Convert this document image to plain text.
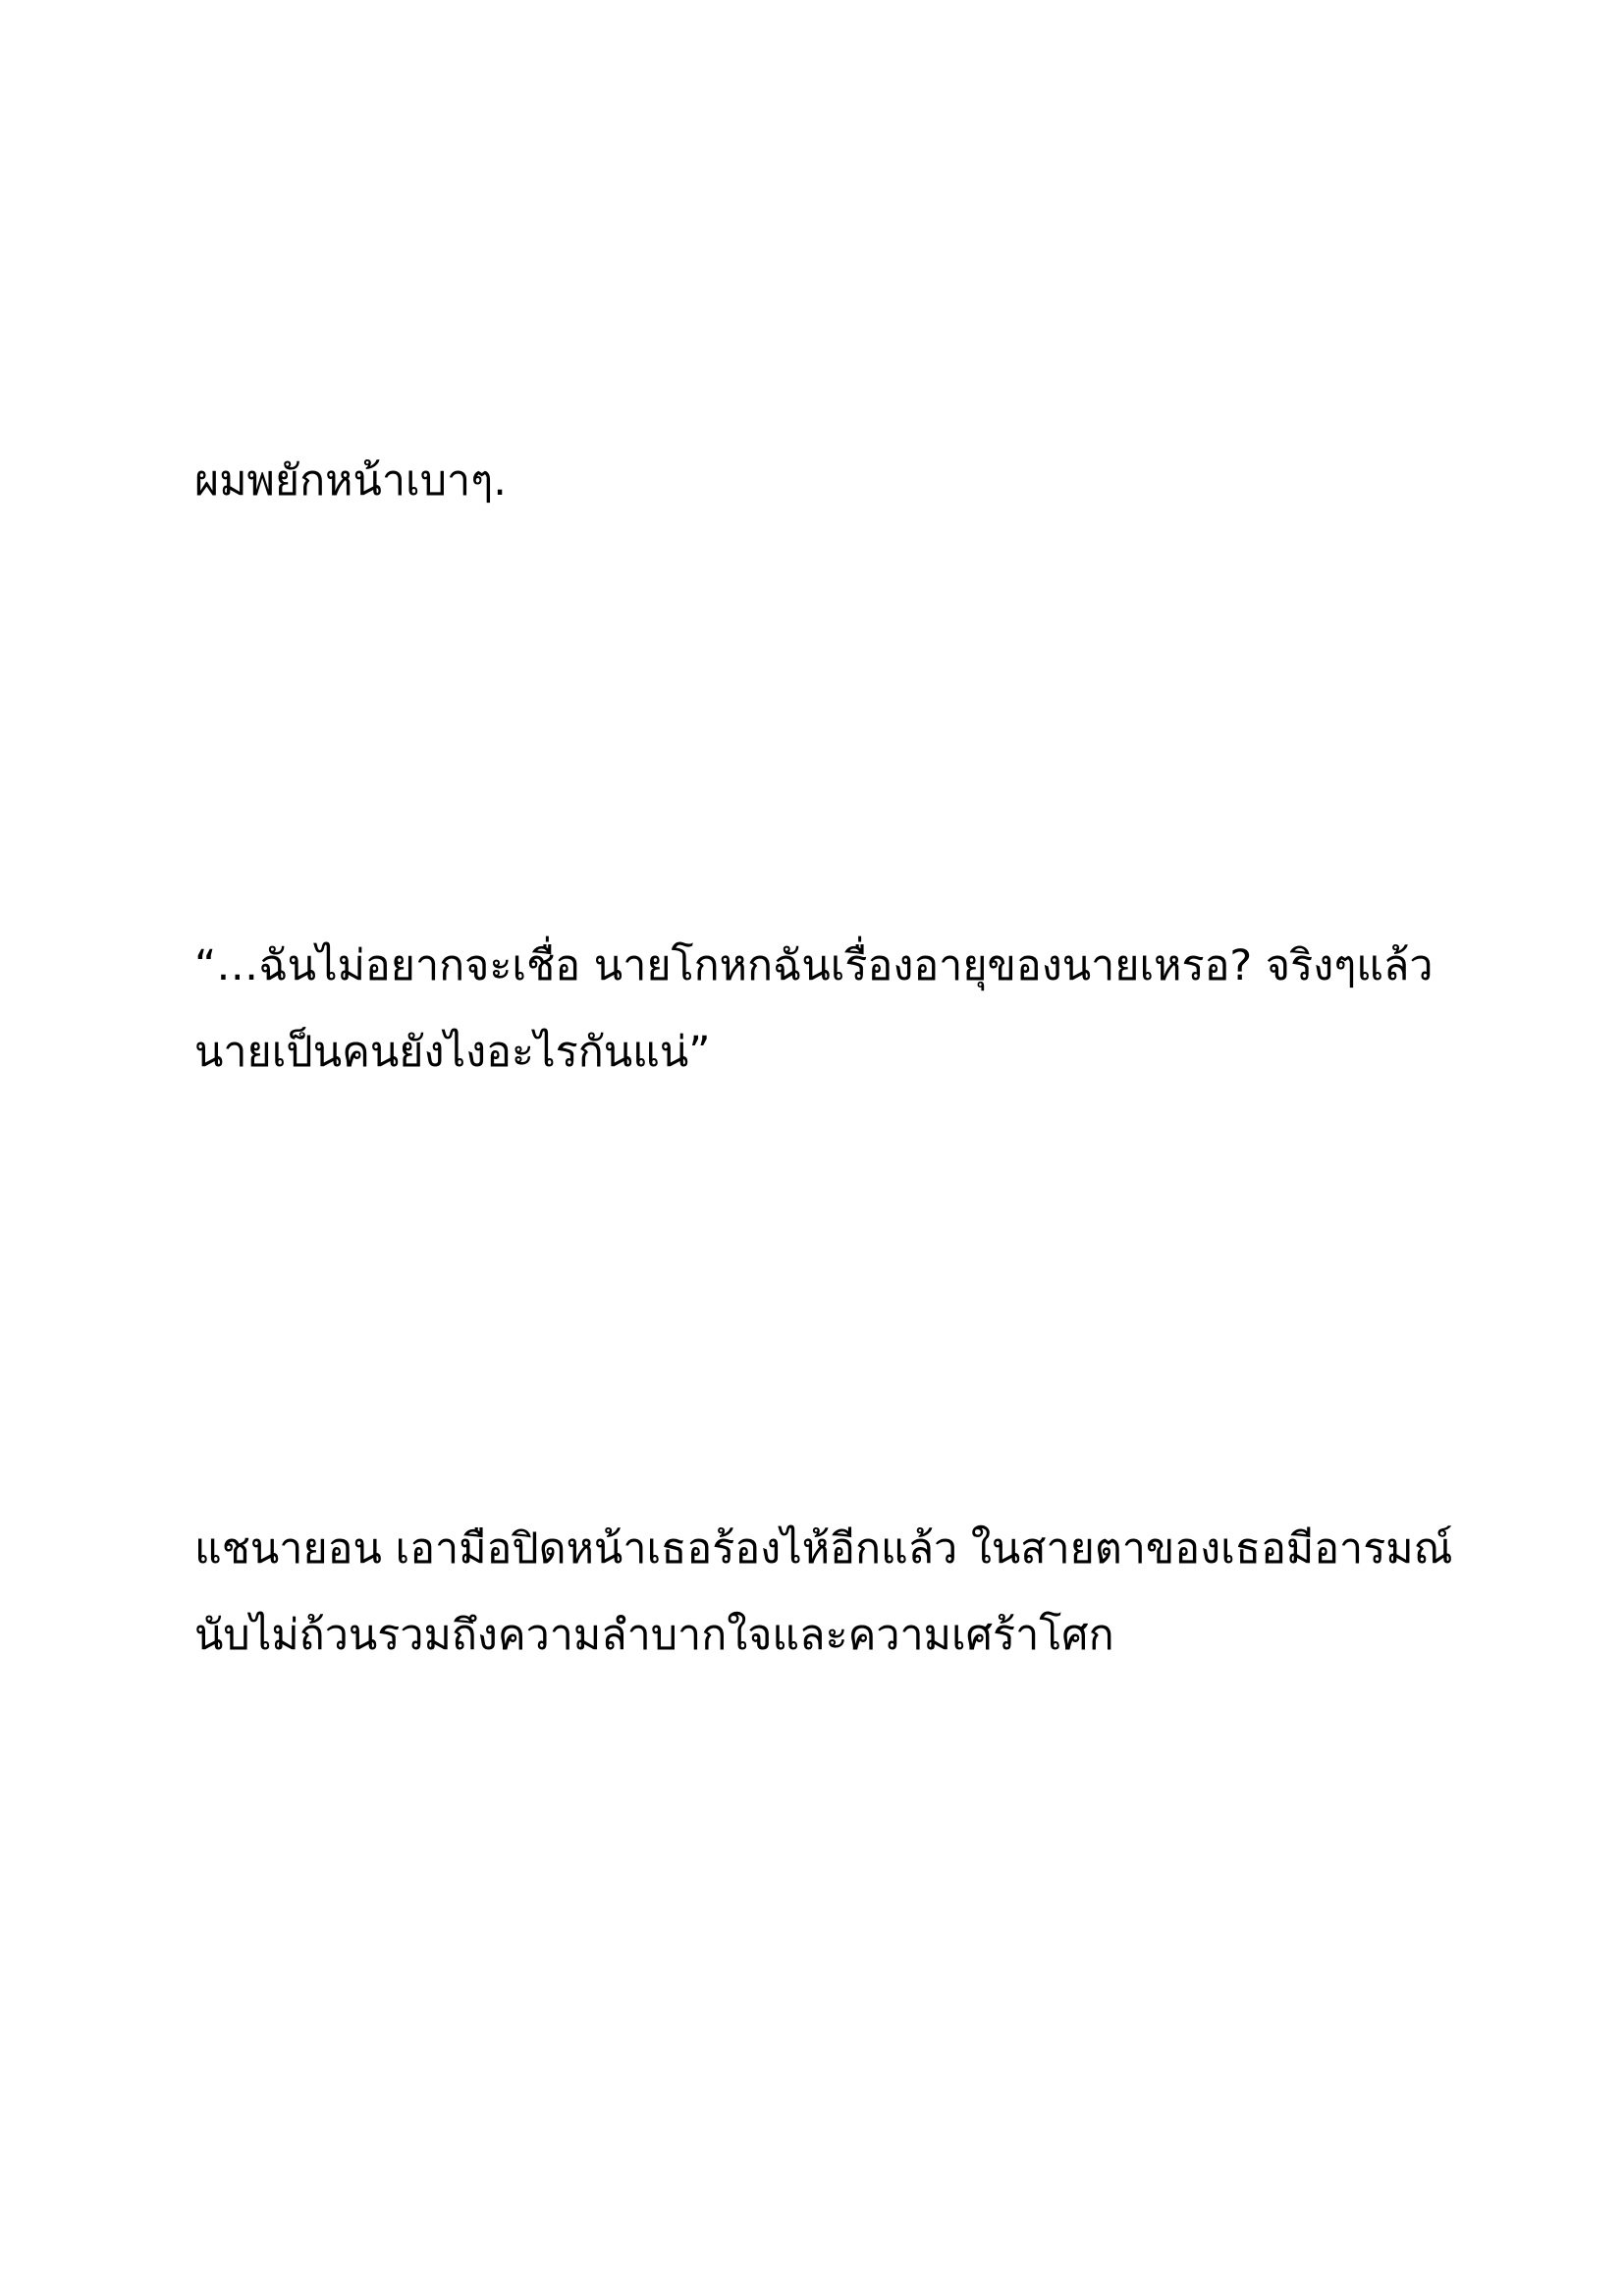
ผมพยักหน้าเบาๆ.
“…ฉันไม่อยากจะเชื่อ นายโกหกฉันเรื่องอายุของนายเหรอ? จริงๆแล้ว
นายเป็นคนยังไงอะไรกันแน่”
แชนายอน เอามือปิดหน้าเธอร้องไห้อีกแล้ว ในสายตาของเธอมีอารมณ์
นับไม่ถ้วนรวมถึงความลำบากใจและความเศร้าโศก
